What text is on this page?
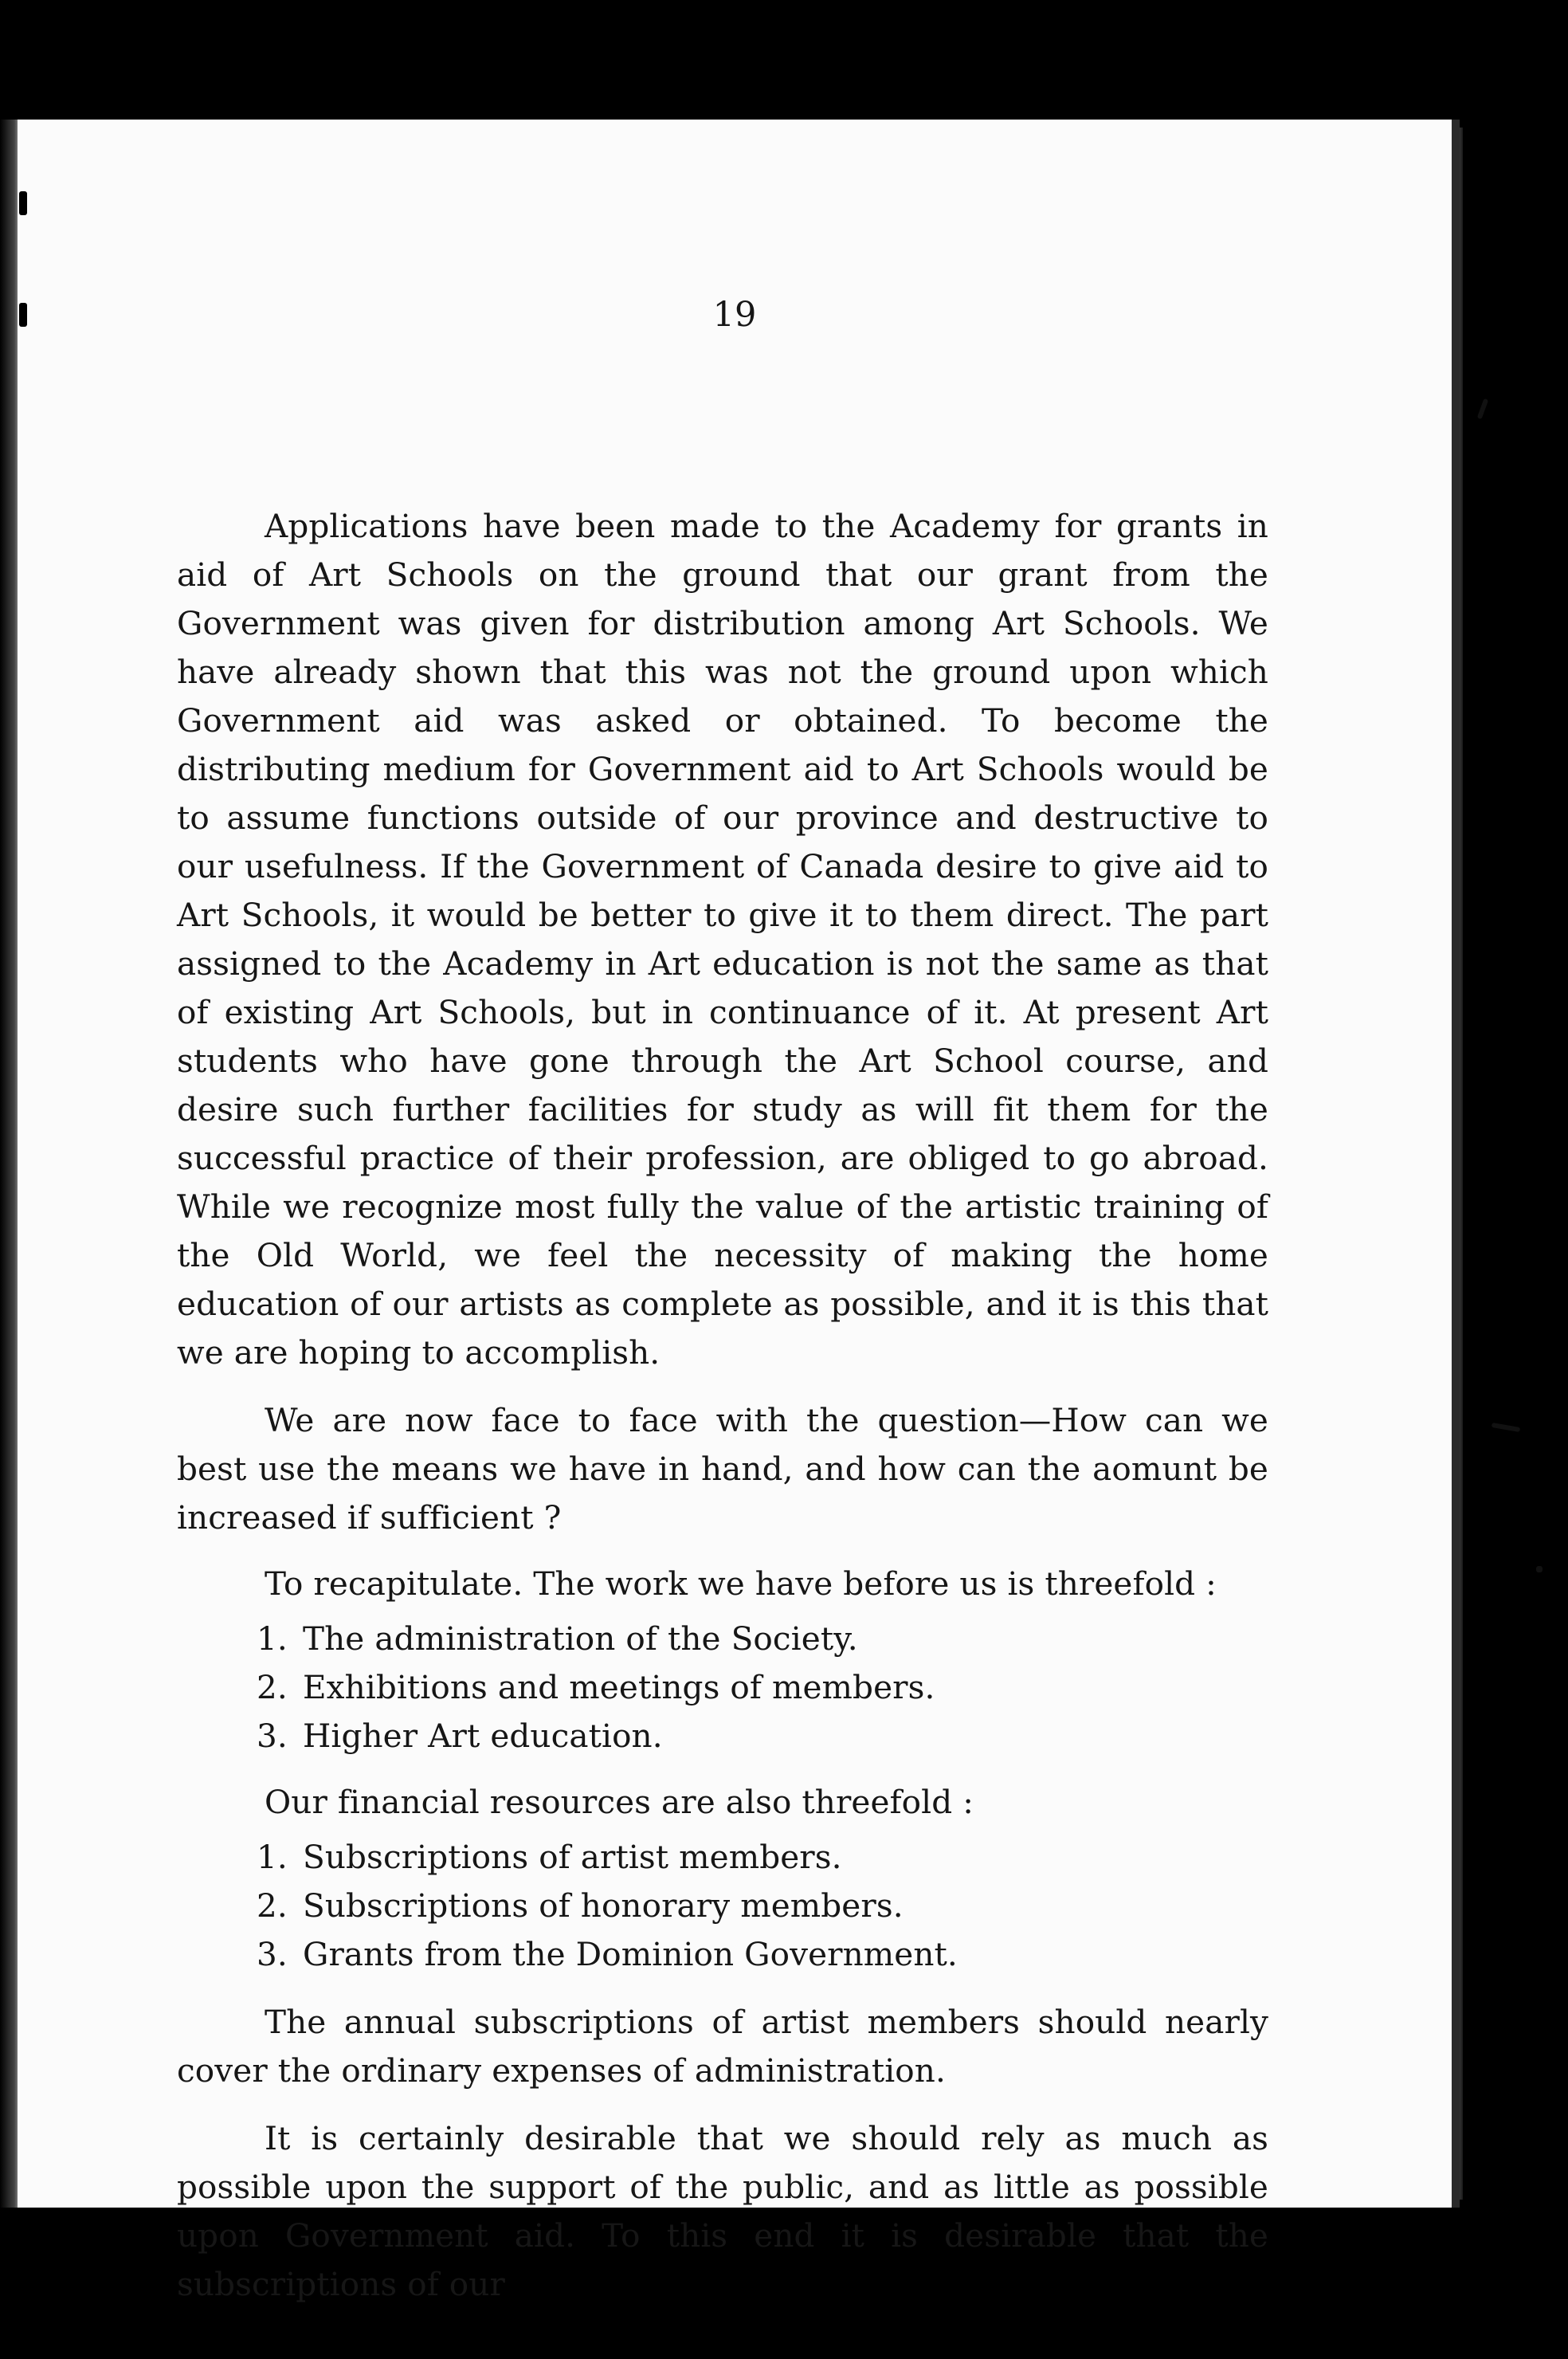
19

Applications have been made to the Academy for grants in aid of Art Schools on the ground that our grant from the Government was given for distribution among Art Schools. We have already shown that this was not the ground upon which Government aid was asked or obtained. To become the distributing medium for Government aid to Art Schools would be to assume functions outside of our province and destructive to our usefulness. If the Government of Canada desire to give aid to Art Schools, it would be better to give it to them direct. The part assigned to the Academy in Art education is not the same as that of existing Art Schools, but in continuance of it. At present Art students who have gone through the Art School course, and desire such further facilities for study as will fit them for the successful practice of their profession, are obliged to go abroad. While we recognize most fully the value of the artistic training of the Old World, we feel the necessity of making the home education of our artists as complete as possible, and it is this that we are hoping to accomplish.

We are now face to face with the question—How can we best use the means we have in hand, and how can the aomunt be increased if sufficient ?

To recapitulate. The work we have before us is threefold :

1. The administration of the Society.
2. Exhibitions and meetings of members.
3. Higher Art education.

Our financial resources are also threefold :

1. Subscriptions of artist members.
2. Subscriptions of honorary members.
3. Grants from the Dominion Government.

The annual subscriptions of artist members should nearly cover the ordinary expenses of administration.

It is certainly desirable that we should rely as much as possible upon the support of the public, and as little as possible upon Government aid. To this end it is desirable that the subscriptions of our
